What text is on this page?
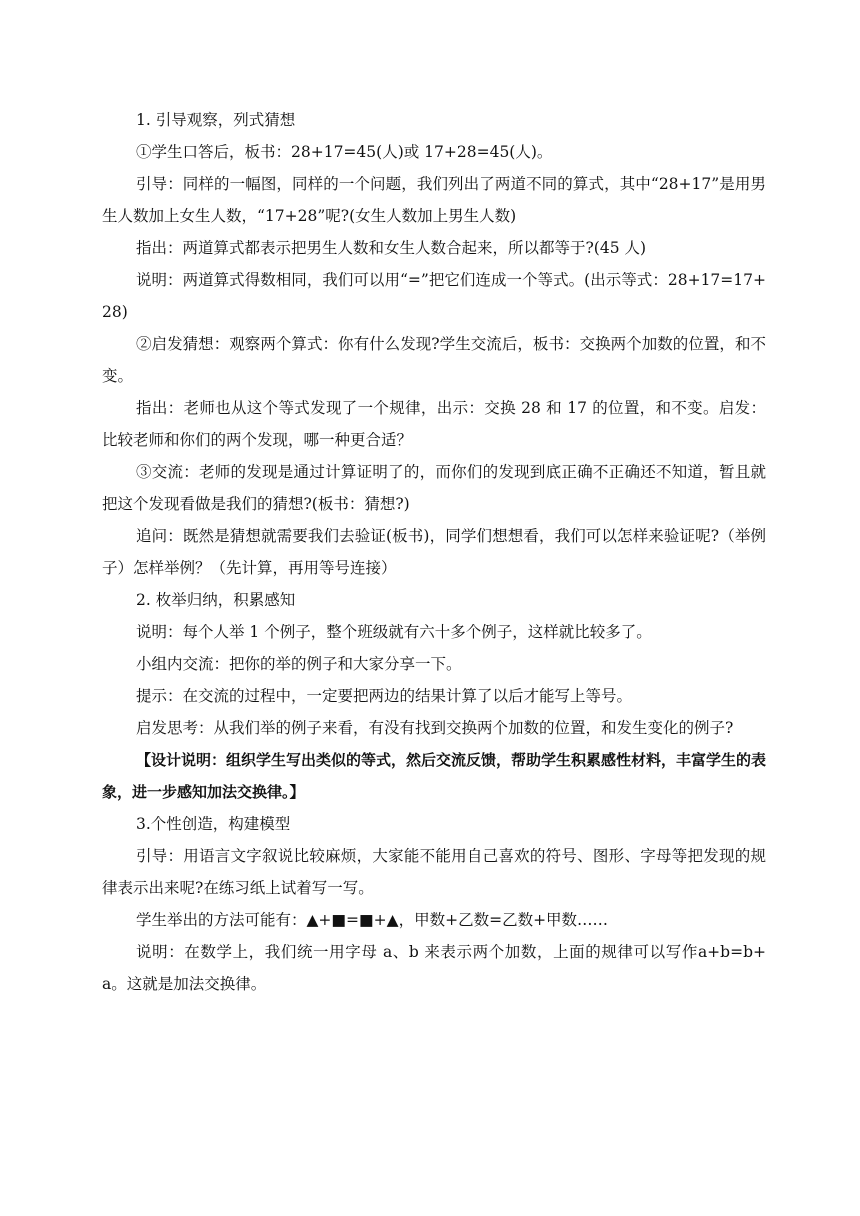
1. 引导观察，列式猜想

①学生口答后，板书：28+17=45(人)或 17+28=45(人)。

引导：同样的一幅图，同样的一个问题，我们列出了两道不同的算式，其中“28+17”是用男生人数加上女生人数，“17+28”呢?(女生人数加上男生人数)

指出：两道算式都表示把男生人数和女生人数合起来，所以都等于?(45 人)

说明：两道算式得数相同，我们可以用“=”把它们连成一个等式。(出示等式：28+17=17+28)

②启发猜想：观察两个算式：你有什么发现?学生交流后，板书：交换两个加数的位置，和不变。

指出：老师也从这个等式发现了一个规律，出示：交换 28 和 17 的位置，和不变。启发：比较老师和你们的两个发现，哪一种更合适？

③交流：老师的发现是通过计算证明了的，而你们的发现到底正确不正确还不知道，暂且就把这个发现看做是我们的猜想?(板书：猜想?)

追问：既然是猜想就需要我们去验证(板书)，同学们想想看，我们可以怎样来验证呢?（举例子）怎样举例？（先计算，再用等号连接）

2. 枚举归纳，积累感知

说明：每个人举 1 个例子，整个班级就有六十多个例子，这样就比较多了。

小组内交流：把你的举的例子和大家分享一下。

提示：在交流的过程中，一定要把两边的结果计算了以后才能写上等号。

启发思考：从我们举的例子来看，有没有找到交换两个加数的位置，和发生变化的例子?

【设计说明：组织学生写出类似的等式，然后交流反馈，帮助学生积累感性材料，丰富学生的表象，进一步感知加法交换律。】

3.个性创造，构建模型

引导：用语言文字叙说比较麻烦，大家能不能用自己喜欢的符号、图形、字母等把发现的规律表示出来呢?在练习纸上试着写一写。

学生举出的方法可能有：▲+■=■+▲，甲数+乙数=乙数+甲数……

说明：在数学上，我们统一用字母 a、b 来表示两个加数，上面的规律可以写作a+b=b+a。这就是加法交换律。
